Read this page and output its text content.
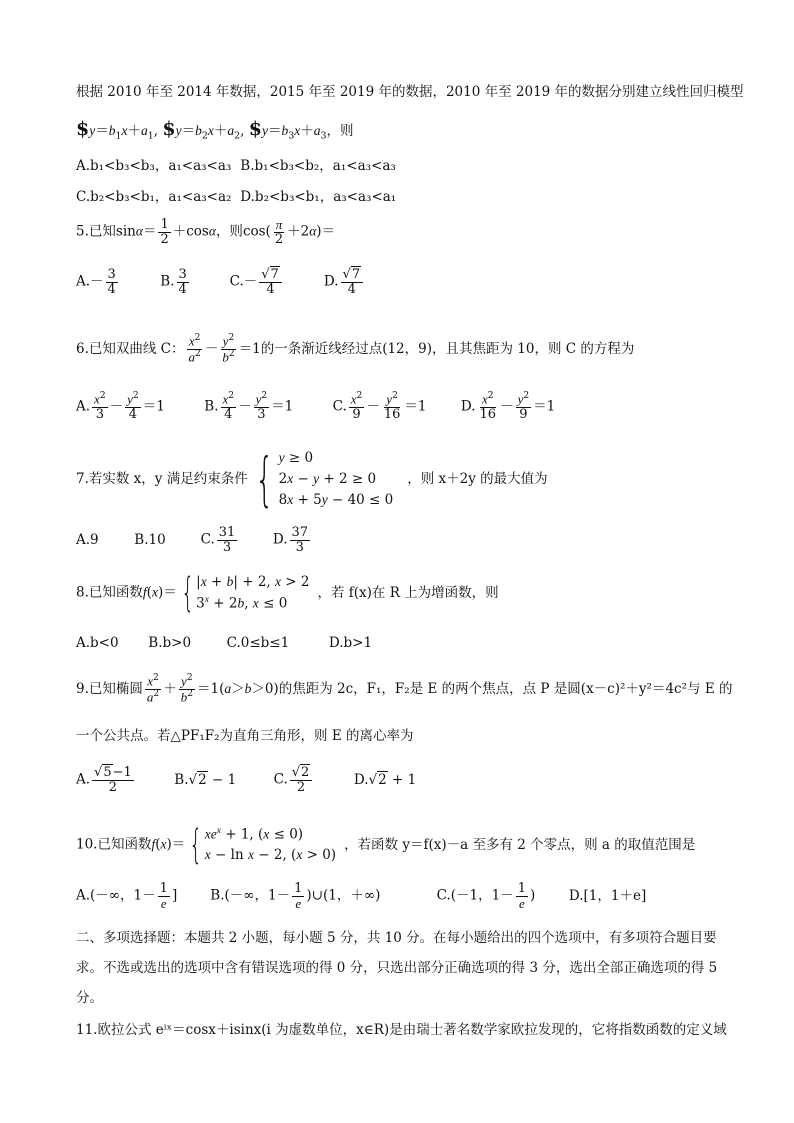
根据 2010 年至 2014 年数据，2015 年至 2019 年的数据，2010 年至 2019 年的数据分别建立线性回归模型
$\$y=b_1x+a_1$, $\$y=b_2x+a_2$, $\$y=b_3x+a_3$，则
A.b₁<b₃<b₃，a₁<a₃<a₃ B.b₁<b₃<b₂，a₁<a₃<a₃
C.b₂<b₃<b₁，a₁<a₃<a₂ D.b₂<b₃<b₁，a₃<a₃<a₁
5.已知$\sin\alpha= \frac{1}{2} +\cos\alpha$，则$\cos( \frac{\pi}{2} +2\alpha)=$
$A.- \frac{3}{4}$	B. $\frac{3}{4}$	$C.- \frac{√7}{4}$	D. $\frac{√7}{4}$
6.已知双曲线 C： $\frac{x^2}{a^2} - \frac{y^2}{b^2} =1$的一条渐近线经过点(12，9)，且其焦距为 10，则 C 的方程为
A. $\frac{x^2}{3} - \frac{y^2}{4} =1$	B. $\frac{x^2}{4} - \frac{y^2}{3} =1$	C. $\frac{x^2}{9} - \frac{y^2}{16} =1$	D. $\frac{x^2}{16} - \frac{y^2}{9} =1$
7.若实数 x，y 满足约束条件 { y ≥ 0
2x − y + 2 ≥ 0
8x + 5y − 40 ≤ 0
，则 x＋2y 的最大值为
A.9	B.10	C. $\frac{31}{3}$	D. $\frac{37}{3}$
8.已知函数f(x)＝ { |x + b| + 2, x > 2
$3^x + 2b$, x ≤ 0
，若 f(x)在 R 上为增函数，则
A.b<0 B.b>0	C.0≤b≤1	D.b>1
9.已知椭圆 $\frac{x^2}{a^2} + \frac{y^2}{b^2} =1(a>b>0)$的焦距为 2c，F₁，F₂是 E 的两个焦点，点 P 是圆(x－c)²＋y²＝4c²与 E 的
一个公共点。若△PF₁F₂为直角三角形，则 E 的离心率为
A. $\frac{√5-1}{2}$	B.√2 − 1	C. $\frac{√2}{2}$	D.√2 + 1
10.已知函数f(x)＝ { $xe^x + 1$, (x ≤ 0)
x − ln x − 2, (x > 0)
，若函数 y＝f(x)－a 至多有 2 个零点，则 a 的取值范围是
A.(－∞，$1- \frac{1}{e}$ ] B.(－∞，$1- \frac{1}{e}$ )∪(1，＋∞)	C.(－1，$1- \frac{1}{e}$ ) D.[1，1＋e]
二、多项选择题：本题共 2 小题，每小题 5 分，共 10 分。在每小题给出的四个选项中，有多项符合题目要
求。不选或选出的选项中含有错误选项的得 0 分，只选出部分正确选项的得 3 分，选出全部正确选项的得 5
分。
11.欧拉公式 eⁱˣ＝cosx＋isinx(i 为虚数单位，x∈R)是由瑞士著名数学家欧拉发现的，它将指数函数的定义域
